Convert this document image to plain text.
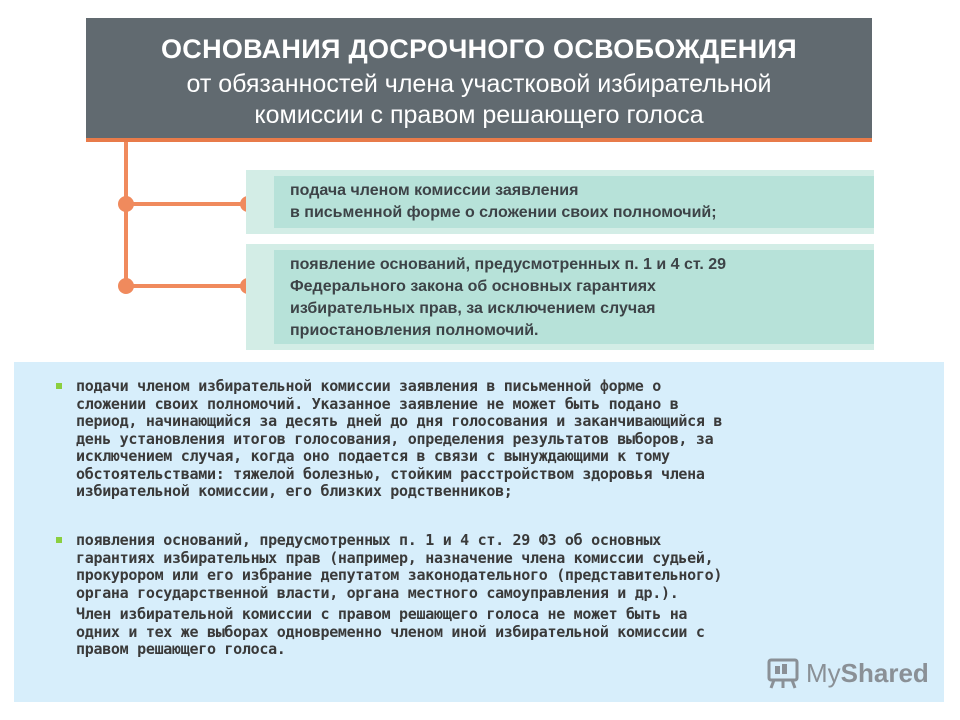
ОСНОВАНИЯ ДОСРОЧНОГО ОСВОБОЖДЕНИЯ
от обязанностей члена участковой избирательной
комиссии с правом решающего голоса
подача членом комиссии заявления
в письменной форме о сложении своих полномочий;
появление оснований, предусмотренных п. 1 и 4 ст. 29
Федерального закона об основных гарантиях
избирательных прав, за исключением случая
приостановления полномочий.
подачи членом избирательной комиссии заявления в письменной форме о
сложении своих полномочий. Указанное заявление не может быть подано в
период, начинающийся за десять дней до дня голосования и заканчивающийся в
день установления итогов голосования, определения результатов выборов, за
исключением случая, когда оно подается в связи с вынуждающими к тому
обстоятельствами: тяжелой болезнью, стойким расстройством здоровья члена
избирательной комиссии, его близких родственников;
появления оснований, предусмотренных п. 1 и 4 ст. 29 ФЗ об основных
гарантиях избирательных прав (например, назначение члена комиссии судьей,
прокурором или его избрание депутатом законодательного (представительного)
органа государственной власти, органа местного самоуправления и др.).
Член избирательной комиссии с правом решающего голоса не может быть на
одних и тех же выборах одновременно членом иной избирательной комиссии с
правом решающего голоса.
MyShared
